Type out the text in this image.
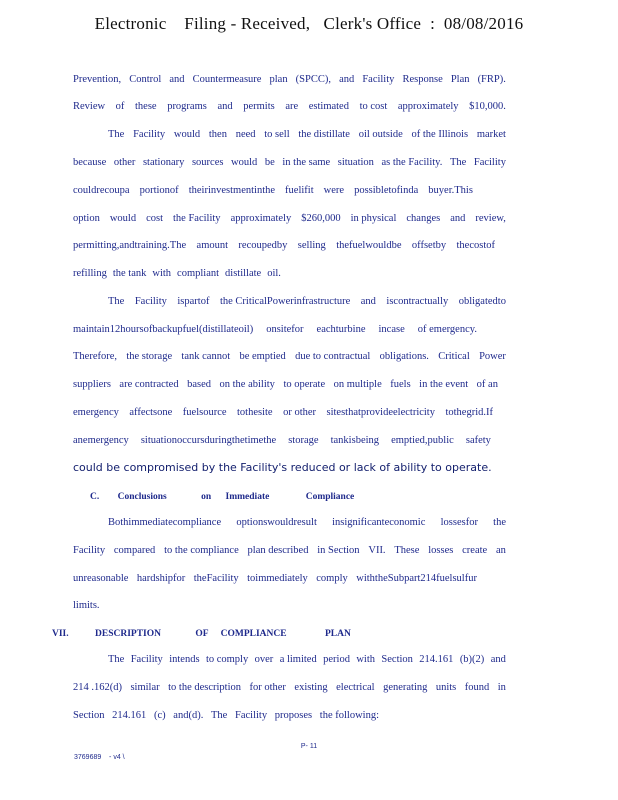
Electronic Filing - Received, Clerk's Office : 08/08/2016
Prevention, Control and Countermeasure plan (SPCC), and Facility Response Plan (FRP).
Review of these programs and permits are estimated to cost approximately $10,000.
The Facility would then need to sell the distillate oil outside of the Illinois market
because other stationary sources would be in the same situation as the Facility. The Facility
couldrecoupa portionof theirinvestmentinthe fuelifit were possibletofinda buyer.This
option would cost the Facility approximately $260,000 in physical changes and review,
permitting,andtraining.The amount recoupedby selling thefuelwouldbe offsetby thecostof
refilling the tank with compliant distillate oil.
The Facility ispartof the CriticalPowerinfrastructure and iscontractually obligatedto
maintain12hoursofbackupfuel(distillateoil) onsitefor eachturbine incase of emergency.
Therefore, the storage tank cannot be emptied due to contractual obligations. Critical Power
suppliers are contracted based on the ability to operate on multiple fuels in the event of an
emergency affectsone fuelsource tothesite or other sitesthatprovideelectricity tothegrid.If
anemergency situationoccursduringthetimethe storage tankisbeing emptied,public safety
could be compromised by the Facility's reduced or lack of ability to operate.
C. Conclusions	on Immediate	Compliance
Bothimmediatecompliance optionswouldresult insignificanteconomic lossesfor the
Facility compared to the compliance plan described in Section VII. These losses create an
unreasonable hardshipfor theFacility toimmediately comply withtheSubpart214fuelsulfur
limits.
VII.	DESCRIPTION	OF COMPLIANCE	PLAN
The Facility intends to comply over a limited period with Section 214.161 (b)(2) and
214 .162(d) similar to the description for other existing electrical generating units found in
Section 214.161 (c) and(d). The Facility proposes the following:
P- 11
3769689 - v4 \
